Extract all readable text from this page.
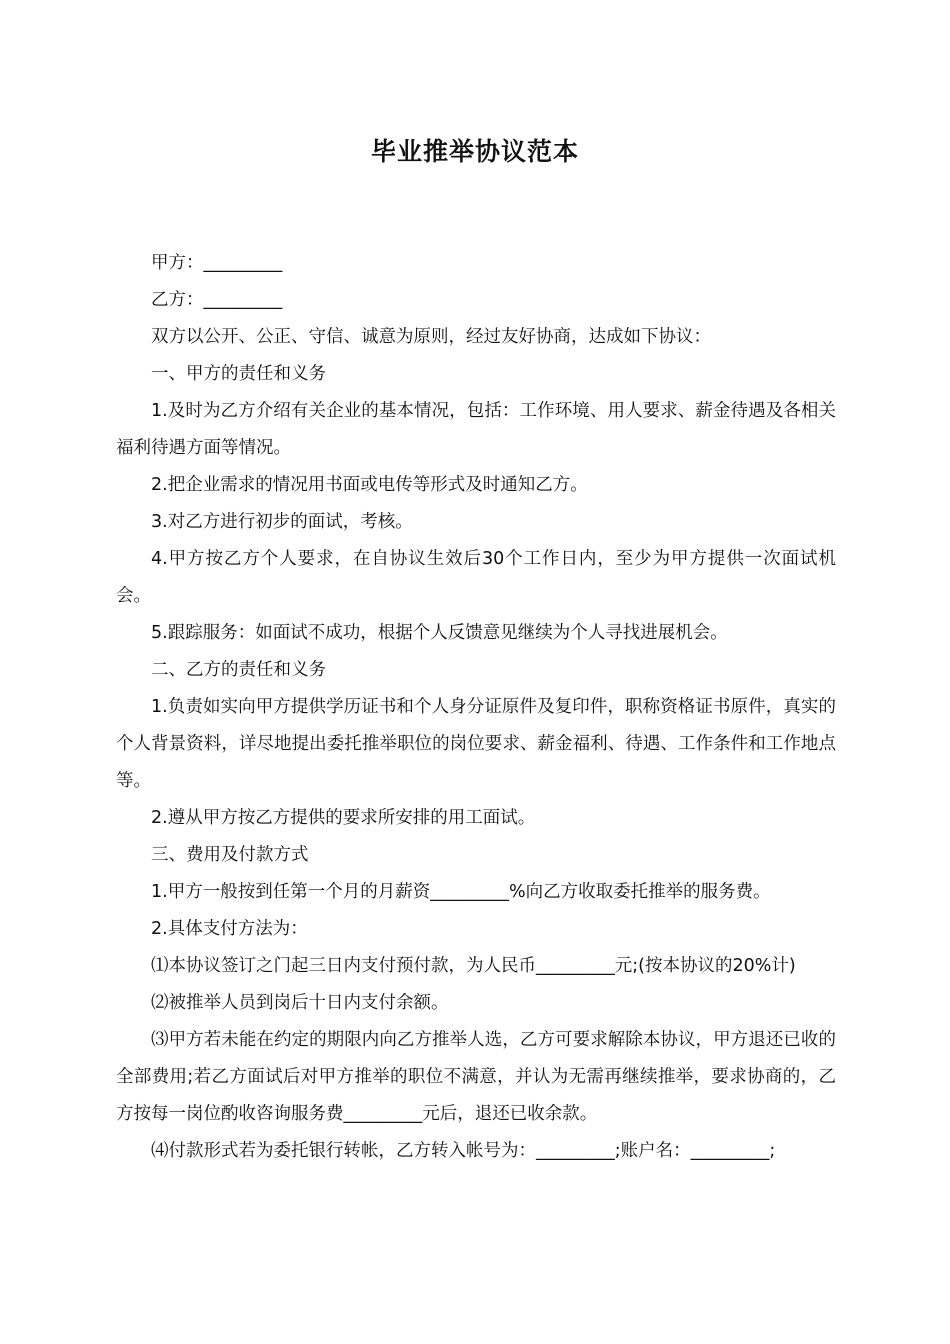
毕业推举协议范本

甲方：_________

乙方：_________

双方以公开、公正、守信、诚意为原则，经过友好协商，达成如下协议：

一、甲方的责任和义务

1.及时为乙方介绍有关企业的基本情况，包括：工作环境、用人要求、薪金待遇及各相关福利待遇方面等情况。

2.把企业需求的情况用书面或电传等形式及时通知乙方。

3.对乙方进行初步的面试，考核。

4.甲方按乙方个人要求，在自协议生效后30个工作日内，至少为甲方提供一次面试机会。

5.跟踪服务：如面试不成功，根据个人反馈意见继续为个人寻找进展机会。

二、乙方的责任和义务

1.负责如实向甲方提供学历证书和个人身分证原件及复印件，职称资格证书原件，真实的个人背景资料，详尽地提出委托推举职位的岗位要求、薪金福利、待遇、工作条件和工作地点等。

2.遵从甲方按乙方提供的要求所安排的用工面试。

三、费用及付款方式

1.甲方一般按到任第一个月的月薪资_________%向乙方收取委托推举的服务费。

2.具体支付方法为：

⑴本协议签订之门起三日内支付预付款，为人民币_________元;(按本协议的20%计)

⑵被推举人员到岗后十日内支付余额。

⑶甲方若未能在约定的期限内向乙方推举人选，乙方可要求解除本协议，甲方退还已收的全部费用;若乙方面试后对甲方推举的职位不满意，并认为无需再继续推举，要求协商的，乙方按每一岗位酌收咨询服务费_________元后，退还已收余款。

⑷付款形式若为委托银行转帐，乙方转入帐号为：_________;账户名：_________;
